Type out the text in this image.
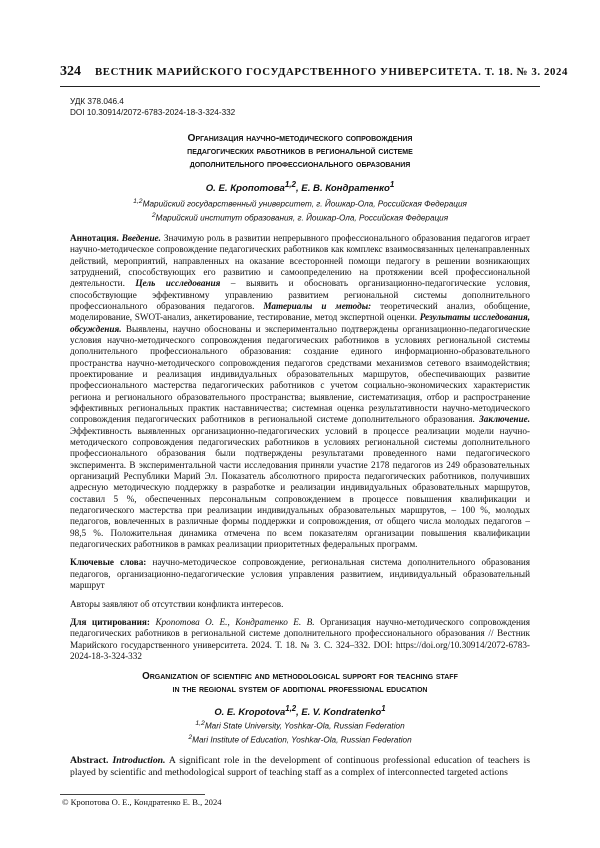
324 ВЕСТНИК МАРИЙСКОГО ГОСУДАРСТВЕННОГО УНИВЕРСИТЕТА. Т. 18. № 3. 2024
УДК 378.046.4
DOI 10.30914/2072-6783-2024-18-3-324-332
Организация научно-методического сопровождения
педагогических работников в региональной системе
дополнительного профессионального образования
О. Е. Кропотова$^{1,2}$, Е. В. Кондратенко$^1$
$^{1,2}$Марийский государственный университет, г. Йошкар-Ола, Российская Федерация
$^2$Марийский институт образования, г. Йошкар-Ола, Российская Федерация
Аннотация. Введение. Значимую роль в развитии непрерывного профессионального образования педагогов играет научно-методическое сопровождение педагогических работников как комплекс взаимосвязанных целенаправленных действий, мероприятий, направленных на оказание всесторонней помощи педагогу в решении возникающих затруднений, способствующих его развитию и самоопределению на протяжении всей профессиональной деятельности. Цель исследования – выявить и обосновать организационно-педагогические условия, способствующие эффективному управлению развитием региональной системы дополнительного профессионального образования педагогов. Материалы и методы: теоретический анализ, обобщение, моделирование, SWOT-анализ, анкетирование, тестирование, метод экспертной оценки. Результаты исследования, обсуждения. Выявлены, научно обоснованы и экспериментально подтверждены организационно-педагогические условия научно-методического сопровождения педагогических работников в условиях региональной системы дополнительного профессионального образования: создание единого информационно-образовательного пространства научно-методического сопровождения педагогов средствами механизмов сетевого взаимодействия; проектирование и реализация индивидуальных образовательных маршрутов, обеспечивающих развитие профессионального мастерства педагогических работников с учетом социально-экономических характеристик региона и регионального образовательного пространства; выявление, систематизация, отбор и распространение эффективных региональных практик наставничества; системная оценка результативности научно-методического сопровождения педагогических работников в региональной системе дополнительного образования. Заключение. Эффективность выявленных организационно-педагогических условий в процессе реализации модели научно-методического сопровождения педагогических работников в условиях региональной системы дополнительного профессионального образования были подтверждены результатами проведенного нами педагогического эксперимента. В экспериментальной части исследования приняли участие 2178 педагогов из 249 образовательных организаций Республики Марий Эл. Показатель абсолютного прироста педагогических работников, получивших адресную методическую поддержку в разработке и реализации индивидуальных образовательных маршрутов, составил 5 %, обеспеченных персональным сопровождением в процессе повышения квалификации и педагогического мастерства при реализации индивидуальных образовательных маршрутов, – 100 %, молодых педагогов, вовлеченных в различные формы поддержки и сопровождения, от общего числа молодых педагогов – 98,5 %. Положительная динамика отмечена по всем показателям организации повышения квалификации педагогических работников в рамках реализации приоритетных федеральных программ.
Ключевые слова: научно-методическое сопровождение, региональная система дополнительного образования педагогов, организационно-педагогические условия управления развитием, индивидуальный образовательный маршрут
Авторы заявляют об отсутствии конфликта интересов.
Для цитирования: Кропотова О. Е., Кондратенко Е. В. Организация научно-методического сопровождения педагогических работников в региональной системе дополнительного профессионального образования // Вестник Марийского государственного университета. 2024. Т. 18. № 3. С. 324–332. DOI: https://doi.org/10.30914/2072-6783-2024-18-3-324-332
Organization of scientific and methodological support for teaching staff
in the regional system of additional professional education
O. E. Kropotova$^{1,2}$, E. V. Kondratenko$^1$
$^{1,2}$Mari State University, Yoshkar-Ola, Russian Federation
$^2$Mari Institute of Education, Yoshkar-Ola, Russian Federation
Abstract. Introduction. A significant role in the development of continuous professional education of teachers is played by scientific and methodological support of teaching staff as a complex of interconnected targeted actions
© Кропотова О. Е., Кондратенко Е. В., 2024
